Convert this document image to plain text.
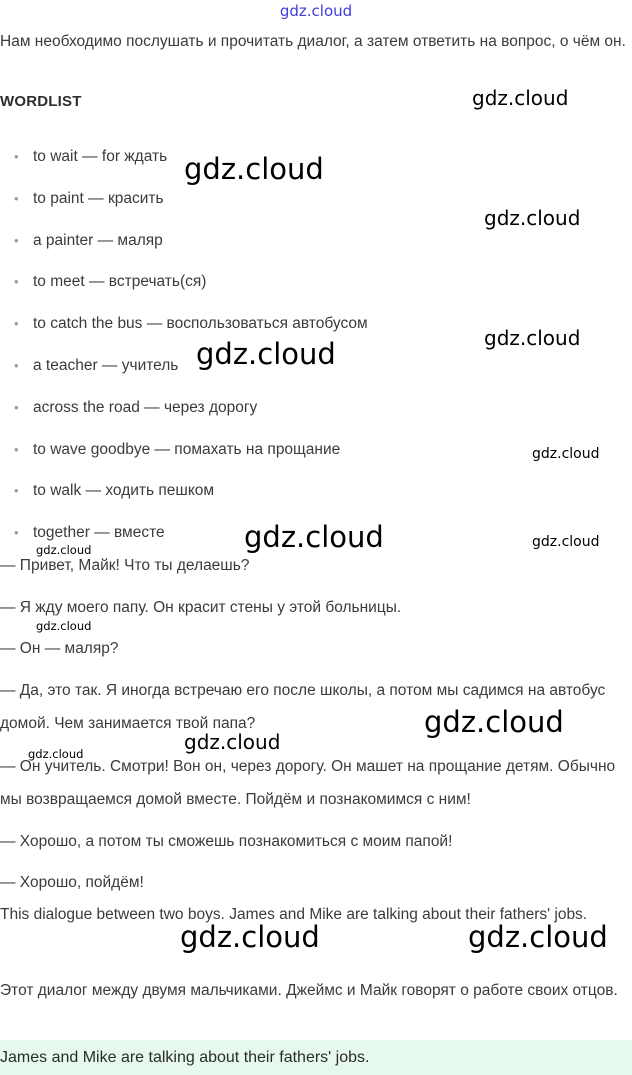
gdz.cloud
Нам необходимо послушать и прочитать диалог, а затем ответить на вопрос, о чём он.
WORDLIST
• to wait — for ждать
• to paint — красить
• a painter — маляр
• to meet — встречать(ся)
• to catch the bus — воспользоваться автобусом
• a teacher — учитель
• across the road — через дорогу
• to wave goodbye — помахать на прощание
• to walk — ходить пешком
• together — вместе
— Привет, Майк! Что ты делаешь?
— Я жду моего папу. Он красит стены у этой больницы.
— Он — маляр?
— Да, это так. Я иногда встречаю его после школы, а потом мы садимся на автобус домой. Чем занимается твой папа?
— Он учитель. Смотри! Вон он, через дорогу. Он машет на прощание детям. Обычно мы возвращаемся домой вместе. Пойдём и познакомимся с ним!
— Хорошо, а потом ты сможешь познакомиться с моим папой!
— Хорошо, пойдём!
This dialogue between two boys. James and Mike are talking about their fathers' jobs.
Этот диалог между двумя мальчиками. Джеймс и Майк говорят о работе своих отцов.
James and Mike are talking about their fathers' jobs.
gdz.cloud
gdz.cloud
gdz.cloud
gdz.cloud
gdz.cloud
gdz.cloud
gdz.cloud	gdz.cloud
gdz.cloud
gdz.cloud
gdz.cloud
gdz.cloud
gdz.cloud
gdz.cloud	gdz.cloud
